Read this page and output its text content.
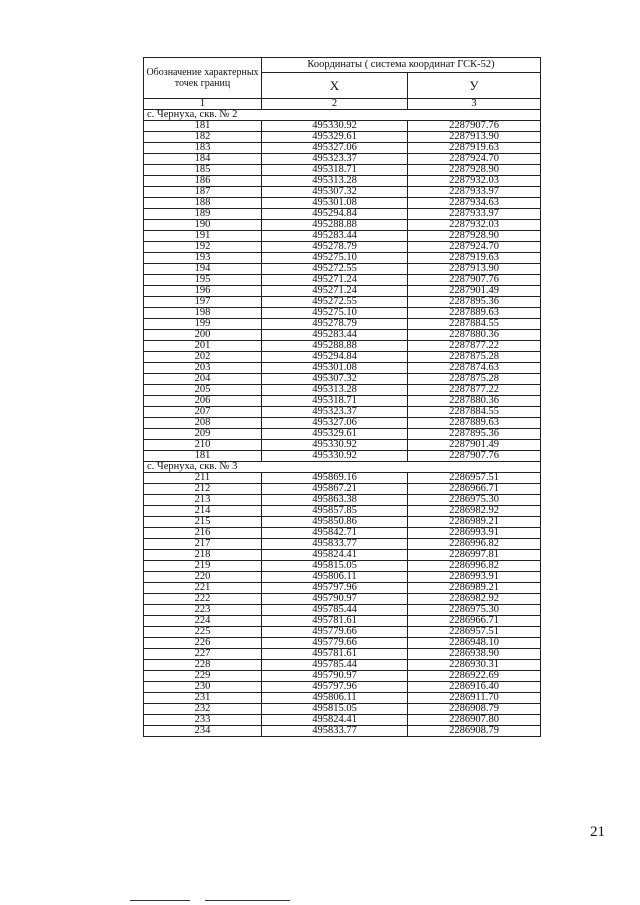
Обозначение характерных точек границ	Координаты ( система координат ГСК-52)	
	X	У
1	2	3
с. Чернуха, скв. № 2		
181	495330.92	2287907.76
182	495329.61	2287913.90
183	495327.06	2287919.63
184	495323.37	2287924.70
185	495318.71	2287928.90
186	495313.28	2287932.03
187	495307.32	2287933.97
188	495301.08	2287934.63
189	495294.84	2287933.97
190	495288.88	2287932.03
191	495283.44	2287928.90
192	495278.79	2287924.70
193	495275.10	2287919.63
194	495272.55	2287913.90
195	495271.24	2287907.76
196	495271.24	2287901.49
197	495272.55	2287895.36
198	495275.10	2287889.63
199	495278.79	2287884.55
200	495283.44	2287880.36
201	495288.88	2287877.22
202	495294.84	2287875.28
203	495301.08	2287874.63
204	495307.32	2287875.28
205	495313.28	2287877.22
206	495318.71	2287880.36
207	495323.37	2287884.55
208	495327.06	2287889.63
209	495329.61	2287895.36
210	495330.92	2287901.49
181	495330.92	2287907.76
с. Чернуха, скв. № 3		
211	495869.16	2286957.51
212	495867.21	2286966.71
213	495863.38	2286975.30
214	495857.85	2286982.92
215	495850.86	2286989.21
216	495842.71	2286993.91
217	495833.77	2286996.82
218	495824.41	2286997.81
219	495815.05	2286996.82
220	495806.11	2286993.91
221	495797.96	2286989.21
222	495790.97	2286982.92
223	495785.44	2286975.30
224	495781.61	2286966.71
225	495779.66	2286957.51
226	495779.66	2286948.10
227	495781.61	2286938.90
228	495785.44	2286930.31
229	495790.97	2286922.69
230	495797.96	2286916.40
231	495806.11	2286911.70
232	495815.05	2286908.79
233	495824.41	2286907.80
234	495833.77	2286908.79
21
